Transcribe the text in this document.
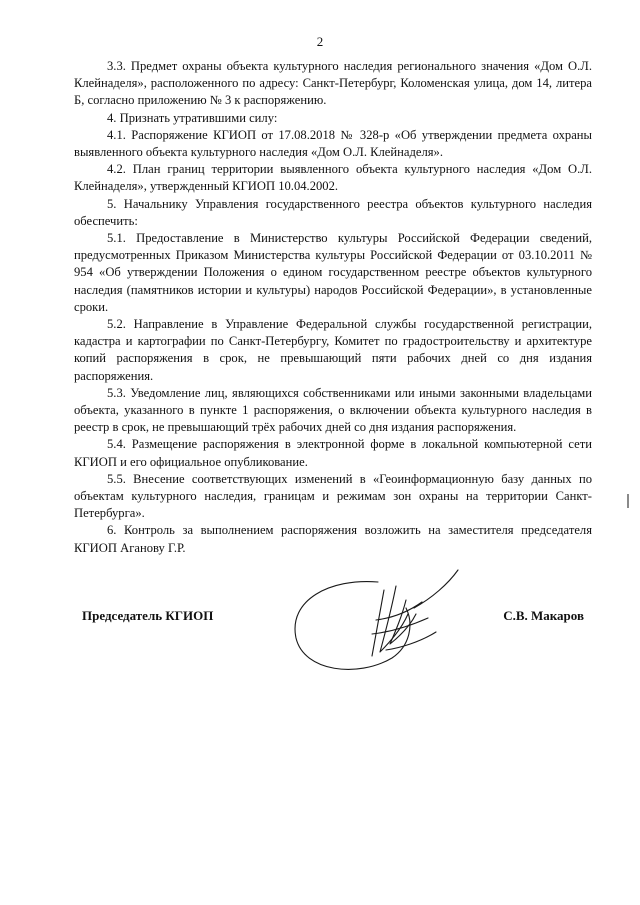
2

3.3. Предмет охраны объекта культурного наследия регионального значения «Дом О.Л. Клейнаделя», расположенного по адресу: Санкт-Петербург, Коломенская улица, дом 14, литера Б, согласно приложению № 3 к распоряжению.

4. Признать утратившими силу:

4.1. Распоряжение КГИОП от 17.08.2018 № 328-р «Об утверждении предмета охраны выявленного объекта культурного наследия «Дом О.Л. Клейнаделя».

4.2. План границ территории выявленного объекта культурного наследия «Дом О.Л. Клейнаделя», утвержденный КГИОП 10.04.2002.

5. Начальнику Управления государственного реестра объектов культурного наследия обеспечить:

5.1. Предоставление в Министерство культуры Российской Федерации сведений, предусмотренных Приказом Министерства культуры Российской Федерации от 03.10.2011 № 954 «Об утверждении Положения о едином государственном реестре объектов культурного наследия (памятников истории и культуры) народов Российской Федерации», в установленные сроки.

5.2. Направление в Управление Федеральной службы государственной регистрации, кадастра и картографии по Санкт-Петербургу, Комитет по градостроительству и архитектуре копий распоряжения в срок, не превышающий пяти рабочих дней со дня издания распоряжения.

5.3. Уведомление лиц, являющихся собственниками или иными законными владельцами объекта, указанного в пункте 1 распоряжения, о включении объекта культурного наследия в реестр в срок, не превышающий трёх рабочих дней со дня издания распоряжения.

5.4. Размещение распоряжения в электронной форме в локальной компьютерной сети КГИОП и его официальное опубликование.

5.5. Внесение соответствующих изменений в «Геоинформационную базу данных по объектам культурного наследия, границам и режимам зон охраны на территории Санкт-Петербурга».

6. Контроль за выполнением распоряжения возложить на заместителя председателя КГИОП Аганову Г.Р.

Председатель КГИОП	С.В. Макаров
